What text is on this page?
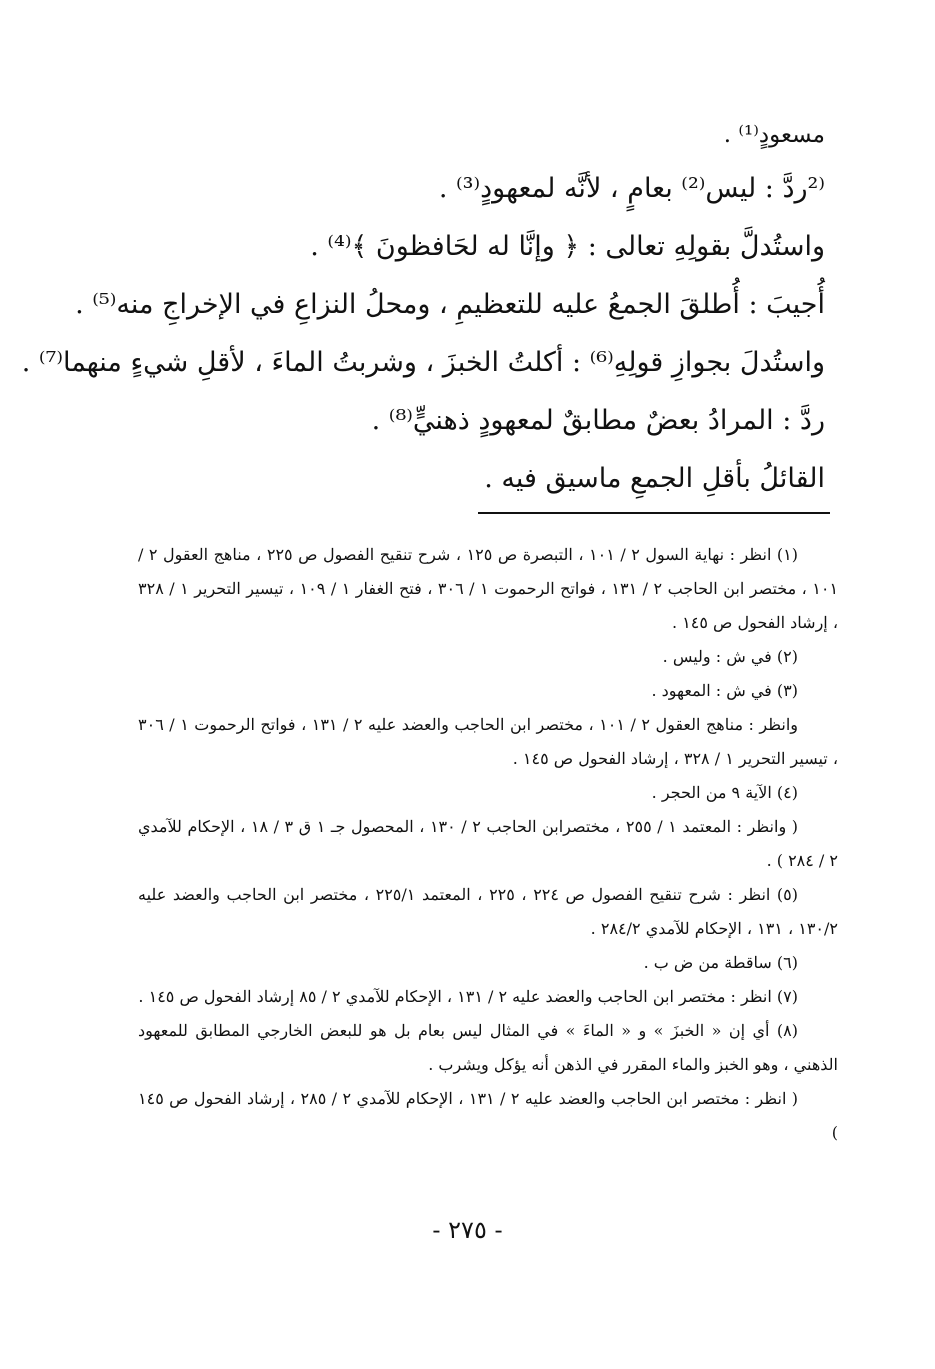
مسعودٍ⁽¹⁾ .
⁽²ردَّ : ليس⁽²⁾ بعامٍ ، لأنَّه لمعهودٍ⁽³⁾ .
واستُدلَّ بقولِهِ تعالى : ﴿ وإنَّا له لحَافظونَ ﴾⁽⁴⁾ .
أُجيبَ : أُطلقَ الجمعُ عليه للتعظيمِ ، ومحلُ النزاعِ في الإخراجِ منه⁽⁵⁾ .
واستُدلَ بجوازِ قولِهِ⁽⁶⁾ : أكلتُ الخبزَ ، وشربتُ الماءَ ، لأقلِ شيءٍ منهما⁽⁷⁾ .
ردَّ : المرادُ بعضٌ مطابقٌ لمعهودٍ ذهنيٍّ⁽⁸⁾ .
القائلُ بأقلِ الجمعِ ماسيق فيه .

(١) انظر : نهاية السول ٢ / ١٠١ ، التبصرة ص ١٢٥ ، شرح تنقيح الفصول ص ٢٢٥ ، مناهج العقول ٢ / ١٠١ ، مختصر ابن الحاجب ٢ / ١٣١ ، فواتح الرحموت ١ / ٣٠٦ ، فتح الغفار ١ / ١٠٩ ، تيسير التحرير ١ / ٣٢٨ ، إرشاد الفحول ص ١٤٥ .

(٢) في ش : وليس .

(٣) في ش : المعهود .

وانظر : مناهج العقول ٢ / ١٠١ ، مختصر ابن الحاجب والعضد عليه ٢ / ١٣١ ، فواتح الرحموت ١ / ٣٠٦ ، تيسير التحرير ١ / ٣٢٨ ، إرشاد الفحول ص ١٤٥ .

(٤) الآية ٩ من الحجر .

( وانظر : المعتمد ١ / ٢٥٥ ، مختصرابن الحاجب ٢ / ١٣٠ ، المحصول جـ ١ ق ٣ / ١٨ ، الإحكام للآمدي ٢ / ٢٨٤ ) .

(٥) انظر : شرح تنقيح الفصول ص ٢٢٤ ، ٢٢٥ ، المعتمد ٢٢٥/١ ، مختصر ابن الحاجب والعضد عليه ١٣٠/٢ ، ١٣١ ، الإحكام للآمدي ٢٨٤/٢ .

(٦) ساقطة من ض ب .

(٧) انظر : مختصر ابن الحاجب والعضد عليه ٢ / ١٣١ ، الإحكام للآمدي ٢ / ٨٥ إرشاد الفحول ص ١٤٥ .

(٨) أي إن « الخبزَ » و « الماءَ » في المثال ليس بعام بل هو للبعض الخارجي المطابق للمعهود الذهني ، وهو الخبز والماء المقرر في الذهن أنه يؤكل ويشرب .

( انظر : مختصر ابن الحاجب والعضد عليه ٢ / ١٣١ ، الإحكام للآمدي ٢ / ٢٨٥ ، إرشاد الفحول ص ١٤٥ )

- ٢٧٥ -
